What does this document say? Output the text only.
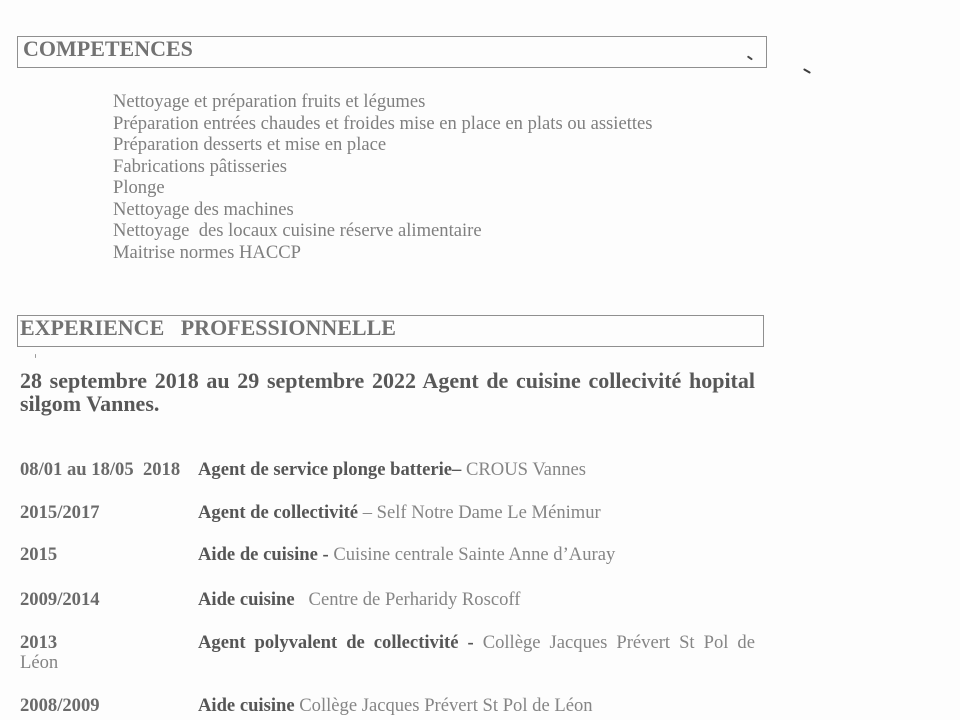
COMPETENCES
Nettoyage et préparation fruits et légumes
Préparation entrées chaudes et froides mise en place en plats ou assiettes
Préparation desserts et mise en place
Fabrications pâtisseries
Plonge
Nettoyage des machines
Nettoyage  des locaux cuisine réserve alimentaire
Maitrise normes HACCP
EXPERIENCE   PROFESSIONNELLE

28 septembre 2018 au 29 septembre 2022 Agent de cuisine collecivité hopital silgom Vannes.

08/01 au 18/05  2018 Agent de service plonge batterie– CROUS Vannes
2015/2017	Agent de collectivité – Self Notre Dame Le Ménimur
2015	Aide de cuisine - Cuisine centrale Sainte Anne d’Auray
2009/2014	Aide cuisine   Centre de Perharidy Roscoff
2013	Agent polyvalent de collectivité - Collège Jacques Prévert St Pol de
Léon
2008/2009	Aide cuisine Collège Jacques Prévert St Pol de Léon
